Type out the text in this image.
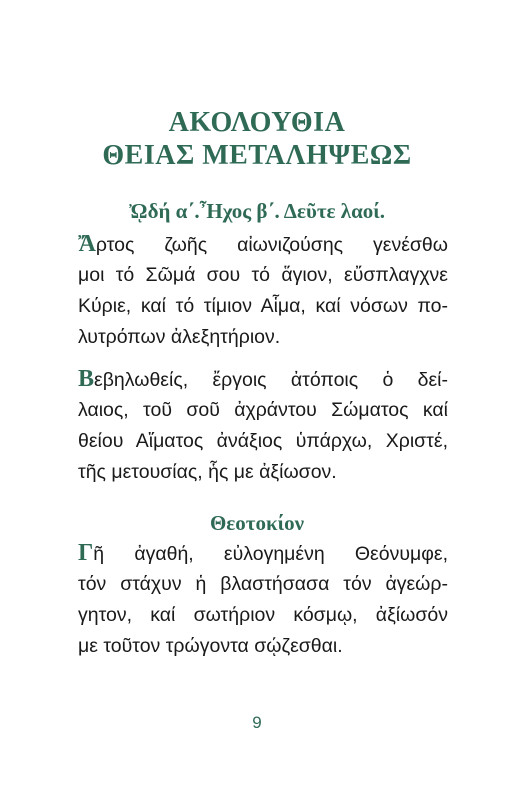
ΑΚΟΛΟΥΘΙΑ
ΘΕΙΑΣ ΜΕΤΑΛΗΨΕΩΣ
ᾨδή α΄.Ἦχος β΄. Δεῦτε λαοί.
Ἄρτος ζωῆς αἰωνιζούσης γενέσθω
μοι τό Σῶμά σου τό ἅγιον, εὔσπλαγχνε
Κύριε, καί τό τίμιον Αἷμα, καί νόσων πο-
λυτρόπων ἀλεξητήριον.
Βεβηλωθείς, ἔργοις ἀτόποις ὁ δεί-
λαιος, τοῦ σοῦ ἀχράντου Σώματος καί
θείου Αἵματος ἀνάξιος ὑπάρχω, Χριστέ,
τῆς μετουσίας, ἧς με ἀξίωσον.
Θεοτοκίον
Γῆ ἀγαθή, εὐλογημένη Θεόνυμφε,
τόν στάχυν ἡ βλαστήσασα τόν ἀγεώρ-
γητον, καί σωτήριον κόσμῳ, ἀξίωσόν
με τοῦτον τρώγοντα σῴζεσθαι.
9
